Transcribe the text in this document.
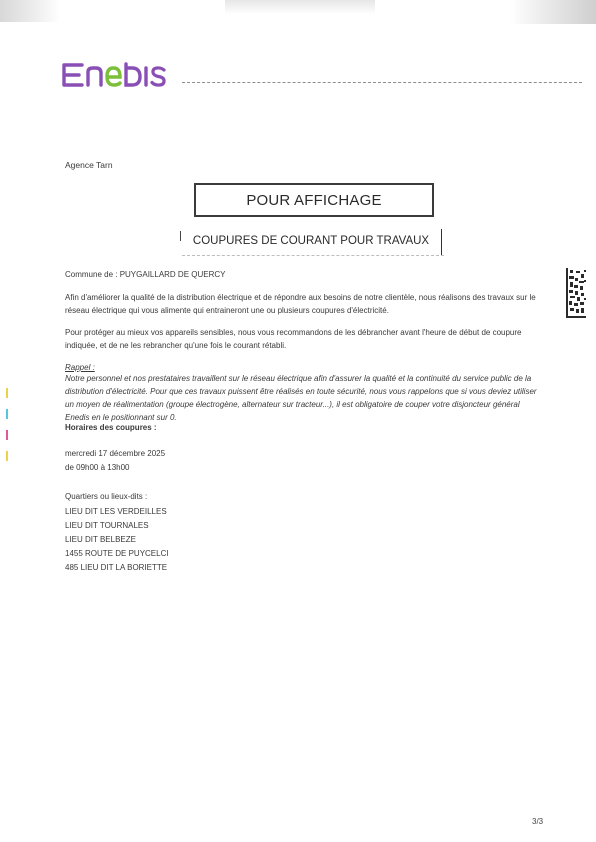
Agence Tarn
POUR AFFICHAGE
COUPURES DE COURANT POUR TRAVAUX
Commune de : PUYGAILLARD DE QUERCY
Afin d'améliorer la qualité de la distribution électrique et de répondre aux besoins de notre clientèle, nous réalisons des travaux sur le réseau électrique qui vous alimente qui entraineront une ou plusieurs coupures d'électricité.
Pour protéger au mieux vos appareils sensibles, nous vous recommandons de les débrancher avant l'heure de début de coupure indiquée, et de ne les rebrancher qu'une fois le courant rétabli.
Rappel :
Notre personnel et nos prestataires travaillent sur le réseau électrique afin d'assurer la qualité et la continuité du service public de la distribution d'électricité. Pour que ces travaux puissent être réalisés en toute sécurité, nous vous rappelons que si vous deviez utiliser un moyen de réalimentation (groupe électrogène, alternateur sur tracteur...), il est obligatoire de couper votre disjoncteur général Enedis en le positionnant sur 0.
Horaires des coupures :
mercredi 17 décembre 2025
de 09h00 à 13h00
Quartiers ou lieux-dits :
LIEU DIT LES VERDEILLES
LIEU DIT TOURNALES
LIEU DIT BELBEZE
1455 ROUTE DE PUYCELCI
485 LIEU DIT LA BORIETTE
3/3
